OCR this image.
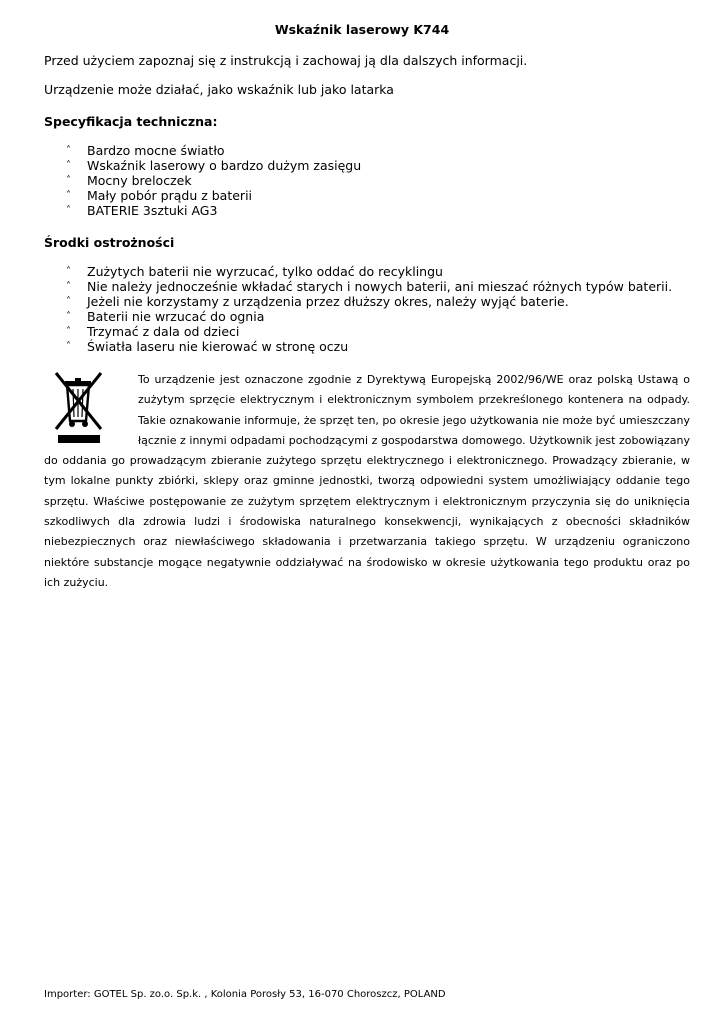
Wskaźnik laserowy K744
Przed użyciem zapoznaj się z instrukcją i zachowaj ją dla dalszych informacji.
Urządzenie może działać, jako wskaźnik lub jako latarka
Specyfikacja techniczna:
˄	Bardzo mocne światło
˄	Wskaźnik laserowy o bardzo dużym zasięgu
˄	Mocny breloczek
˄	Mały pobór prądu z baterii
˄	BATERIE 3sztuki AG3
Środki ostrożności
˄	Zużytych baterii nie wyrzucać, tylko oddać do recyklingu
˄	Nie należy jednocześnie wkładać starych i nowych baterii, ani mieszać różnych typów baterii.
˄	Jeżeli nie korzystamy z urządzenia przez dłuższy okres, należy wyjąć baterie.
˄	Baterii nie wrzucać do ognia
˄	Trzymać z dala od dzieci
˄	Światła laseru nie kierować w stronę oczu
To urządzenie jest oznaczone zgodnie z Dyrektywą Europejską 2002/96/WE oraz polską Ustawą o zużytym sprzęcie elektrycznym i elektronicznym symbolem przekreślonego kontenera na odpady. Takie oznakowanie informuje, że sprzęt ten, po okresie jego użytkowania nie może być umieszczany łącznie z innymi odpadami pochodzącymi z gospodarstwa domowego. Użytkownik jest zobowiązany do oddania go prowadzącym zbieranie zużytego sprzętu elektrycznego i elektronicznego. Prowadzący zbieranie, w tym lokalne punkty zbiórki, sklepy oraz gminne jednostki, tworzą odpowiedni system umożliwiający oddanie tego sprzętu. Właściwe postępowanie ze zużytym sprzętem elektrycznym i elektronicznym przyczynia się do uniknięcia szkodliwych dla zdrowia ludzi i środowiska naturalnego konsekwencji, wynikających z obecności składników niebezpiecznych oraz niewłaściwego składowania i przetwarzania takiego sprzętu. W urządzeniu ograniczono niektóre substancje mogące negatywnie oddziaływać na środowisko w okresie użytkowania tego produktu oraz po ich zużyciu.
Importer: GOTEL Sp. zo.o. Sp.k. , Kolonia Porosły 53, 16-070 Choroszcz, POLAND
